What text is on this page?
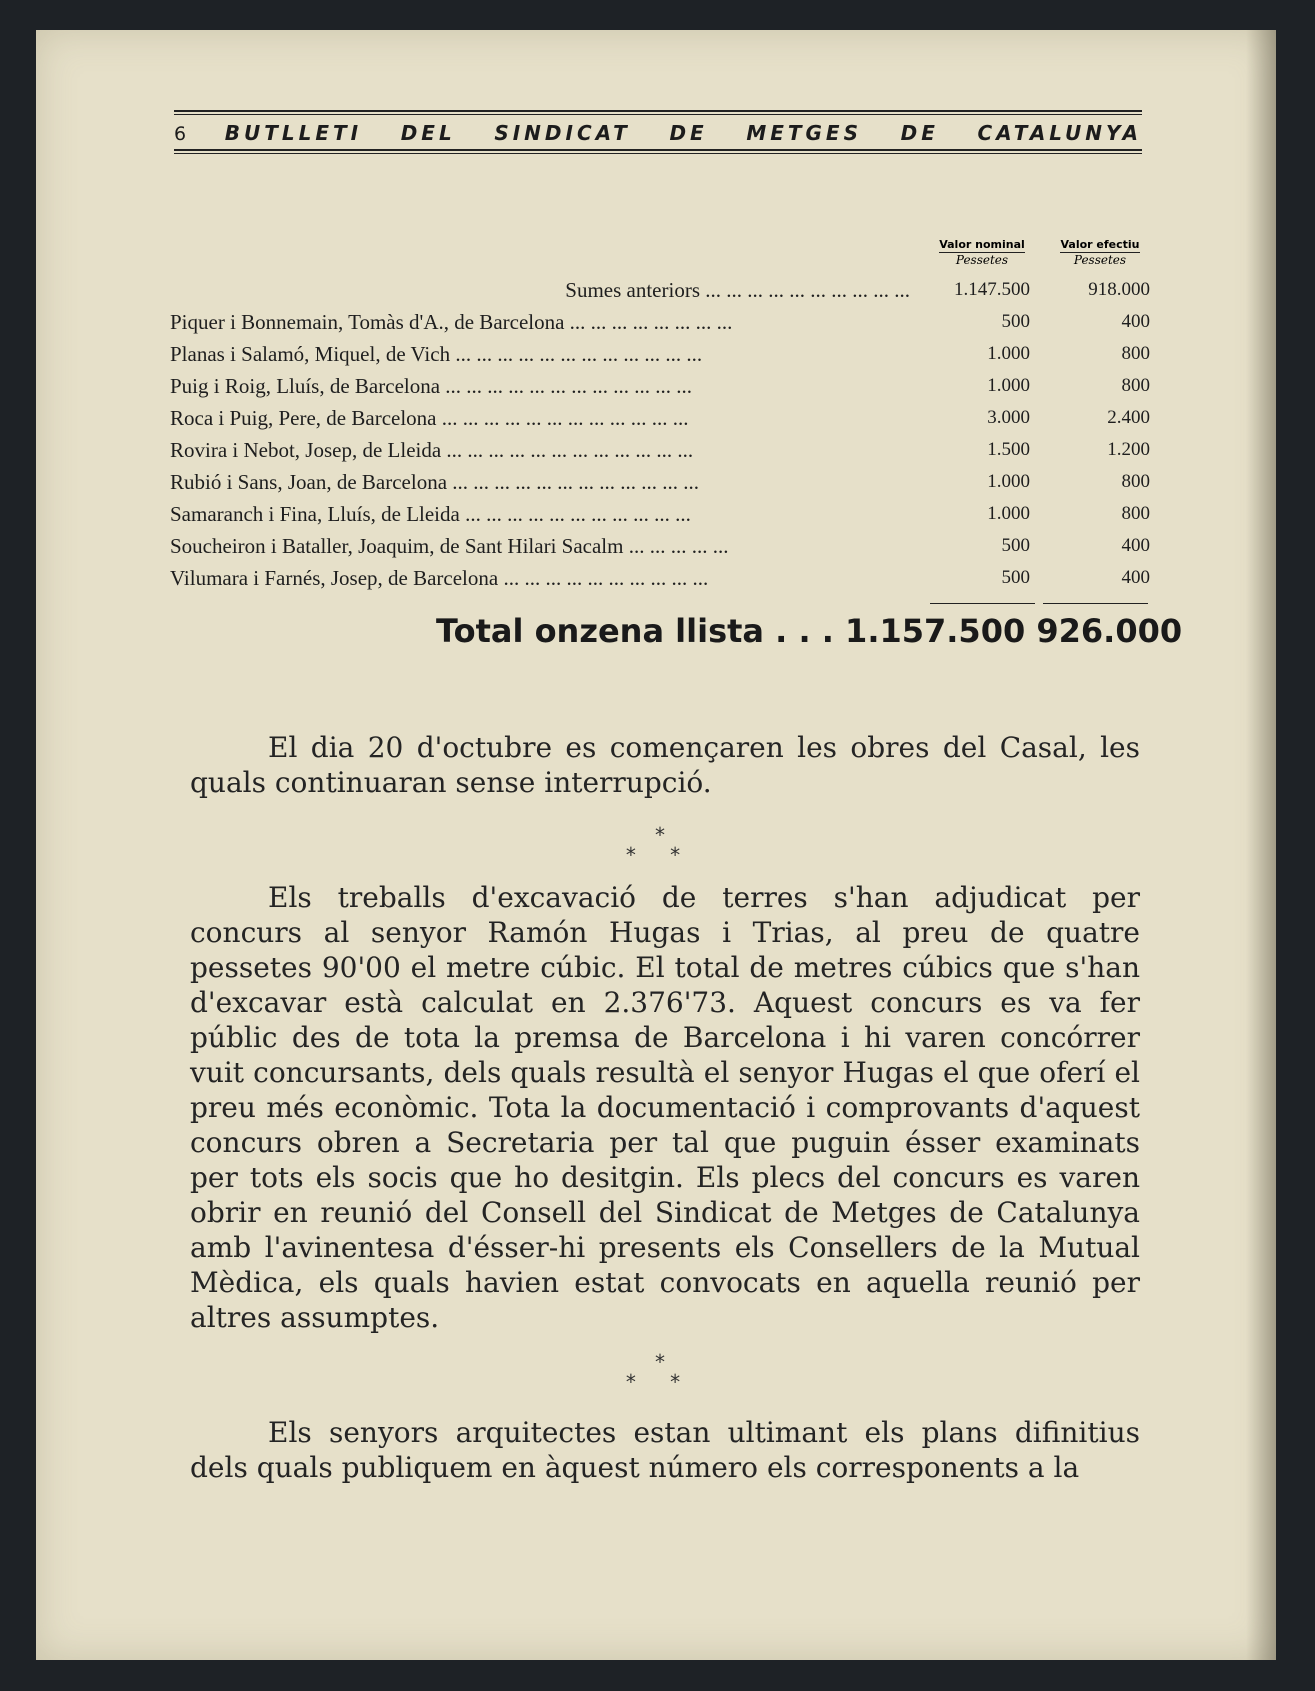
6 BUTLLETI DEL SINDICAT DE METGES DE CATALUNYA
Valor nominal
Pessetes
Valor efectiu
Pessetes
Sumes anteriors ... ... ... ... ... ... ... ... ... ...	1.147.500	918.000
Piquer i Bonnemain, Tomàs d'A., de Barcelona ... ... ... ... ... ... ... ...	500	400
Planas i Salamó, Miquel, de Vich ... ... ... ... ... ... ... ... ... ... ... ...	1.000	800
Puig i Roig, Lluís, de Barcelona ... ... ... ... ... ... ... ... ... ... ... ...	1.000	800
Roca i Puig, Pere, de Barcelona ... ... ... ... ... ... ... ... ... ... ... ...	3.000	2.400
Rovira i Nebot, Josep, de Lleida ... ... ... ... ... ... ... ... ... ... ... ...	1.500	1.200
Rubió i Sans, Joan, de Barcelona ... ... ... ... ... ... ... ... ... ... ... ...	1.000	800
Samaranch i Fina, Lluís, de Lleida ... ... ... ... ... ... ... ... ... ... ...	1.000	800
Soucheiron i Bataller, Joaquim, de Sant Hilari Sacalm ... ... ... ... ...	500	400
Vilumara i Farnés, Josep, de Barcelona ... ... ... ... ... ... ... ... ... ...	500	400
Total onzena llista . . . 1.157.500 926.000
El dia 20 d'octubre es començaren les obres del Casal, les quals continuaran sense interrupció.
*
* *
Els treballs d'excavació de terres s'han adjudicat per concurs al senyor Ramón Hugas i Trias, al preu de quatre pessetes 90'00 el metre cúbic. El total de metres cúbics que s'han d'excavar està calculat en 2.376'73. Aquest concurs es va fer públic des de tota la premsa de Barcelona i hi varen concórrer vuit concursants, dels quals resultà el senyor Hugas el que oferí el preu més econòmic. Tota la documentació i comprovants d'aquest concurs obren a Secretaria per tal que puguin ésser examinats per tots els socis que ho desitgin. Els plecs del concurs es varen obrir en reunió del Consell del Sindicat de Metges de Catalunya amb l'avinentesa d'ésser-hi presents els Consellers de la Mutual Mèdica, els quals havien estat convocats en aquella reunió per altres assumptes.
*
* *
Els senyors arquitectes estan ultimant els plans difinitius dels quals publiquem en àquest número els corresponents a la
